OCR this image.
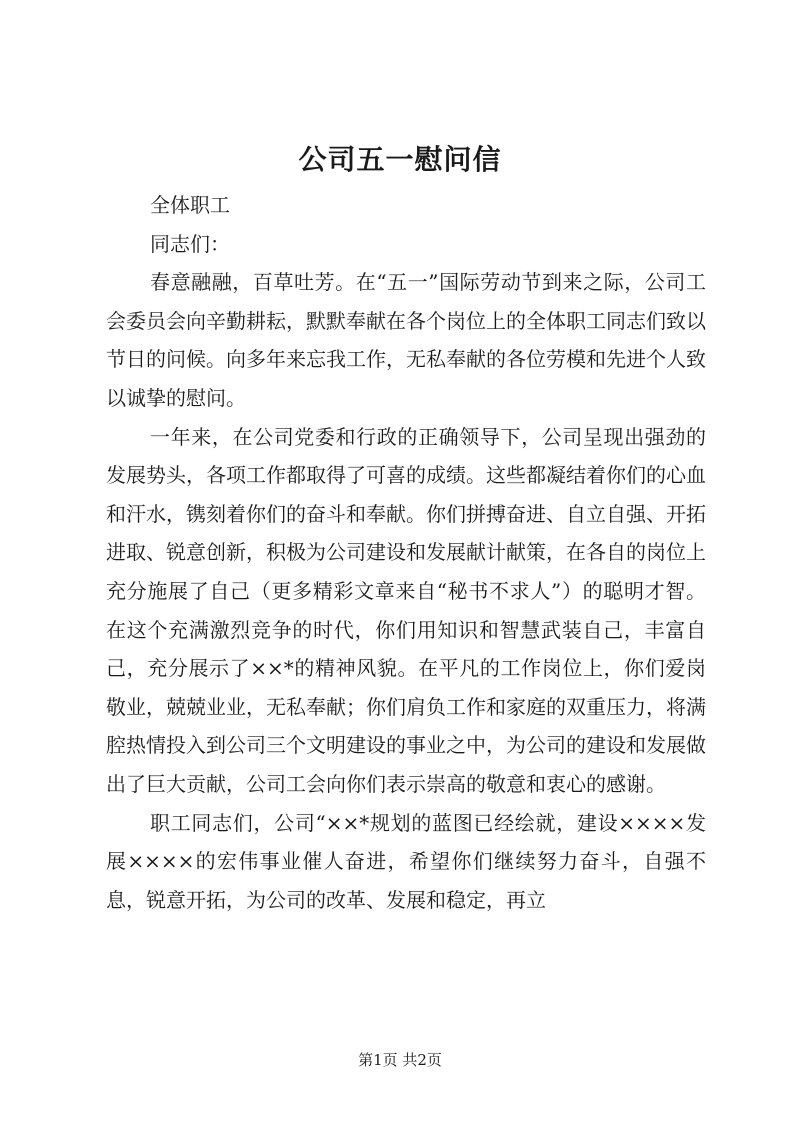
公司五一慰问信

全体职工

同志们：

春意融融，百草吐芳。在“五一”国际劳动节到来之际，公司工会委员会向辛勤耕耘，默默奉献在各个岗位上的全体职工同志们致以节日的问候。向多年来忘我工作，无私奉献的各位劳模和先进个人致以诚挚的慰问。

一年来，在公司党委和行政的正确领导下，公司呈现出强劲的发展势头，各项工作都取得了可喜的成绩。这些都凝结着你们的心血和汗水，镌刻着你们的奋斗和奉献。你们拼搏奋进、自立自强、开拓进取、锐意创新，积极为公司建设和发展献计献策，在各自的岗位上充分施展了自己（更多精彩文章来自“秘书不求人”）的聪明才智。在这个充满激烈竞争的时代，你们用知识和智慧武装自己，丰富自己，充分展示了××*的精神风貌。在平凡的工作岗位上，你们爱岗敬业，兢兢业业，无私奉献；你们肩负工作和家庭的双重压力，将满腔热情投入到公司三个文明建设的事业之中，为公司的建设和发展做出了巨大贡献，公司工会向你们表示崇高的敬意和衷心的感谢。

职工同志们，公司“××*规划的蓝图已经绘就，建设××××发展××××的宏伟事业催人奋进，希望你们继续努力奋斗，自强不息，锐意开拓，为公司的改革、发展和稳定，再立

第1页 共2页
